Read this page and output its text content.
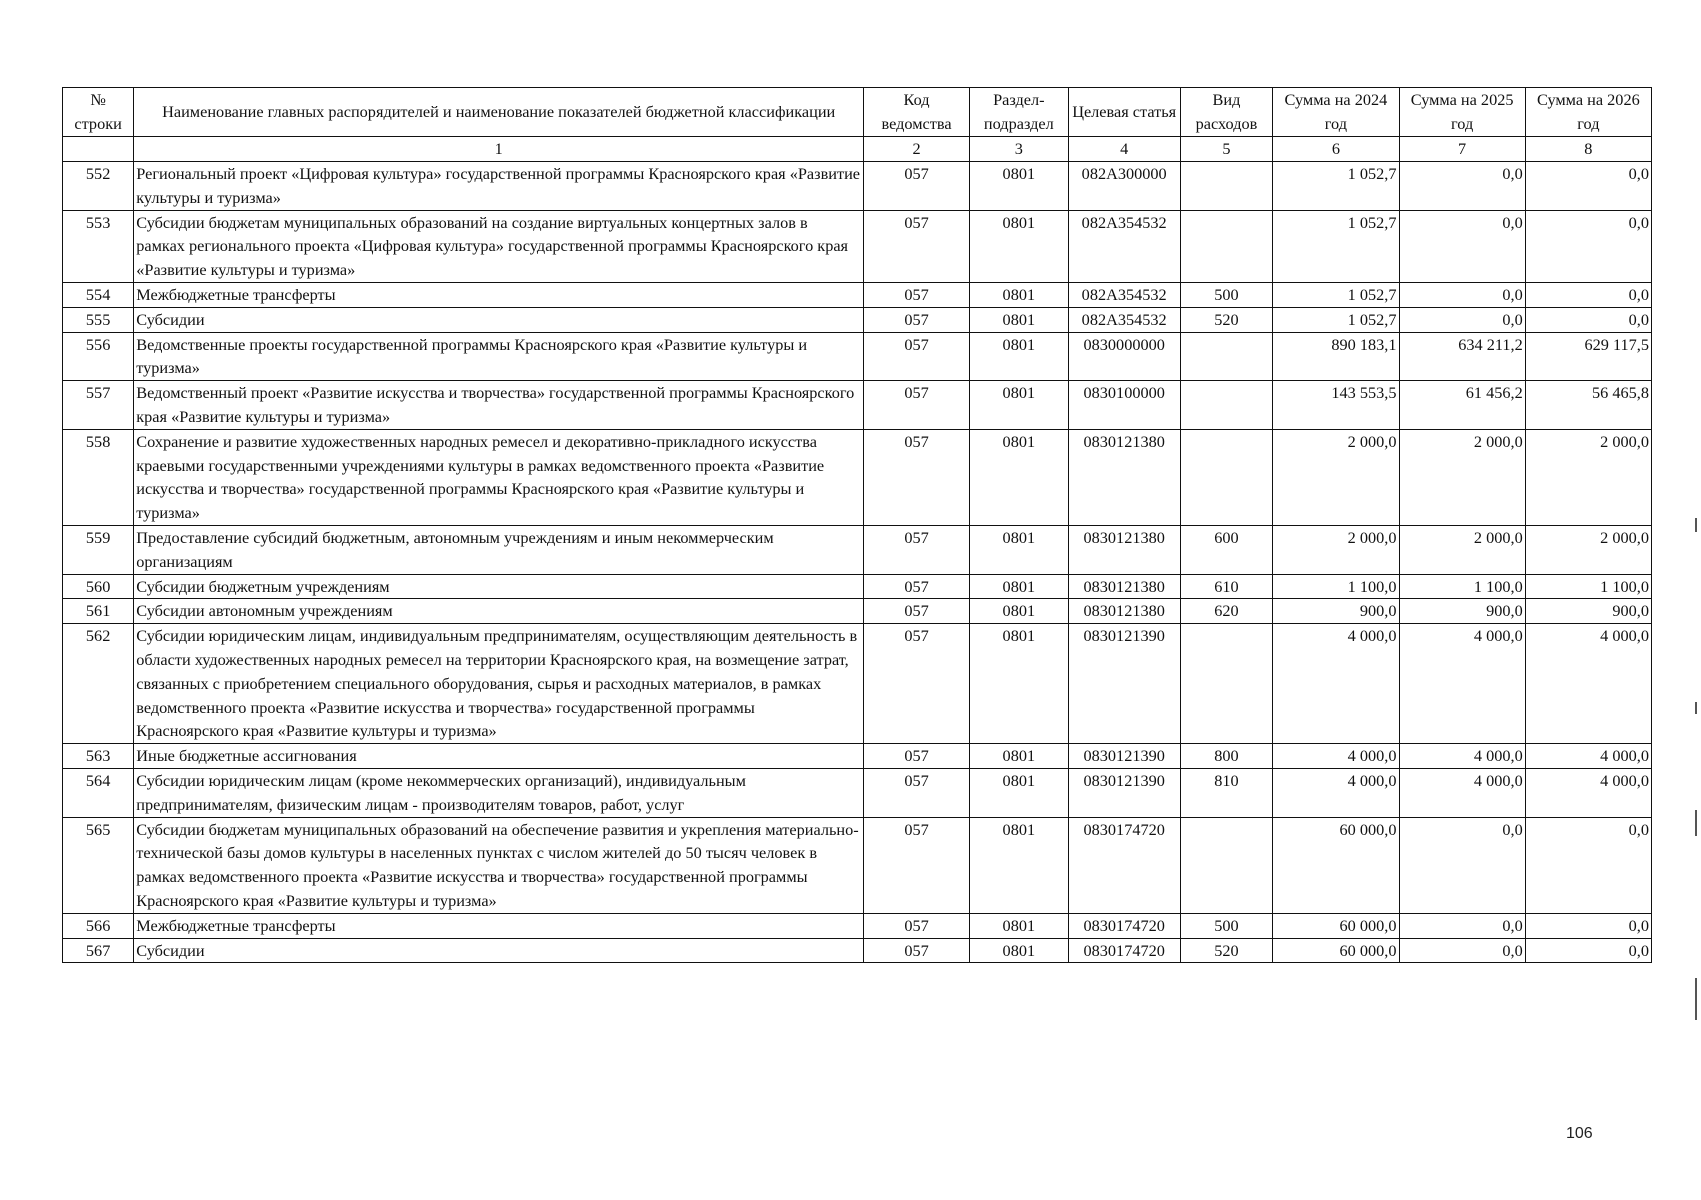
№ строки	Наименование главных распорядителей и наименование показателей бюджетной классификации	Код ведомства	Раздел-подраздел	Целевая статья	Вид расходов	Сумма на 2024 год	Сумма на 2025 год	Сумма на 2026 год
	1	2	3	4	5	6	7	8
552	Региональный проект «Цифровая культура» государственной программы Красноярского края «Развитие культуры и туризма»	057	0801	082A300000		1 052,7	0,0	0,0
553	Субсидии бюджетам муниципальных образований на создание виртуальных концертных залов в рамках регионального проекта «Цифровая культура» государственной программы Красноярского края «Развитие культуры и туризма»	057	0801	082A354532		1 052,7	0,0	0,0
554	Межбюджетные трансферты	057	0801	082A354532	500	1 052,7	0,0	0,0
555	Субсидии	057	0801	082A354532	520	1 052,7	0,0	0,0
556	Ведомственные проекты государственной программы Красноярского края «Развитие культуры и туризма»	057	0801	0830000000		890 183,1	634 211,2	629 117,5
557	Ведомственный проект «Развитие искусства и творчества» государственной программы Красноярского края «Развитие культуры и туризма»	057	0801	0830100000		143 553,5	61 456,2	56 465,8
558	Сохранение и развитие художественных народных ремесел и декоративно-прикладного искусства краевыми государственными учреждениями культуры в рамках ведомственного проекта «Развитие искусства и творчества» государственной программы Красноярского края «Развитие культуры и туризма»	057	0801	0830121380		2 000,0	2 000,0	2 000,0
559	Предоставление субсидий бюджетным, автономным учреждениям и иным некоммерческим организациям	057	0801	0830121380	600	2 000,0	2 000,0	2 000,0
560	Субсидии бюджетным учреждениям	057	0801	0830121380	610	1 100,0	1 100,0	1 100,0
561	Субсидии автономным учреждениям	057	0801	0830121380	620	900,0	900,0	900,0
562	Субсидии юридическим лицам, индивидуальным предпринимателям, осуществляющим деятельность в области художественных народных ремесел на территории Красноярского края, на возмещение затрат, связанных с приобретением специального оборудования, сырья и расходных материалов, в рамках ведомственного проекта «Развитие искусства и творчества» государственной программы Красноярского края «Развитие культуры и туризма»	057	0801	0830121390		4 000,0	4 000,0	4 000,0
563	Иные бюджетные ассигнования	057	0801	0830121390	800	4 000,0	4 000,0	4 000,0
564	Субсидии юридическим лицам (кроме некоммерческих организаций), индивидуальным предпринимателям, физическим лицам - производителям товаров, работ, услуг	057	0801	0830121390	810	4 000,0	4 000,0	4 000,0
565	Субсидии бюджетам муниципальных образований на обеспечение развития и укрепления материально-технической базы домов культуры в населенных пунктах с числом жителей до 50 тысяч человек в рамках ведомственного проекта «Развитие искусства и творчества» государственной программы Красноярского края «Развитие культуры и туризма»	057	0801	0830174720		60 000,0	0,0	0,0
566	Межбюджетные трансферты	057	0801	0830174720	500	60 000,0	0,0	0,0
567	Субсидии	057	0801	0830174720	520	60 000,0	0,0	0,0
106
